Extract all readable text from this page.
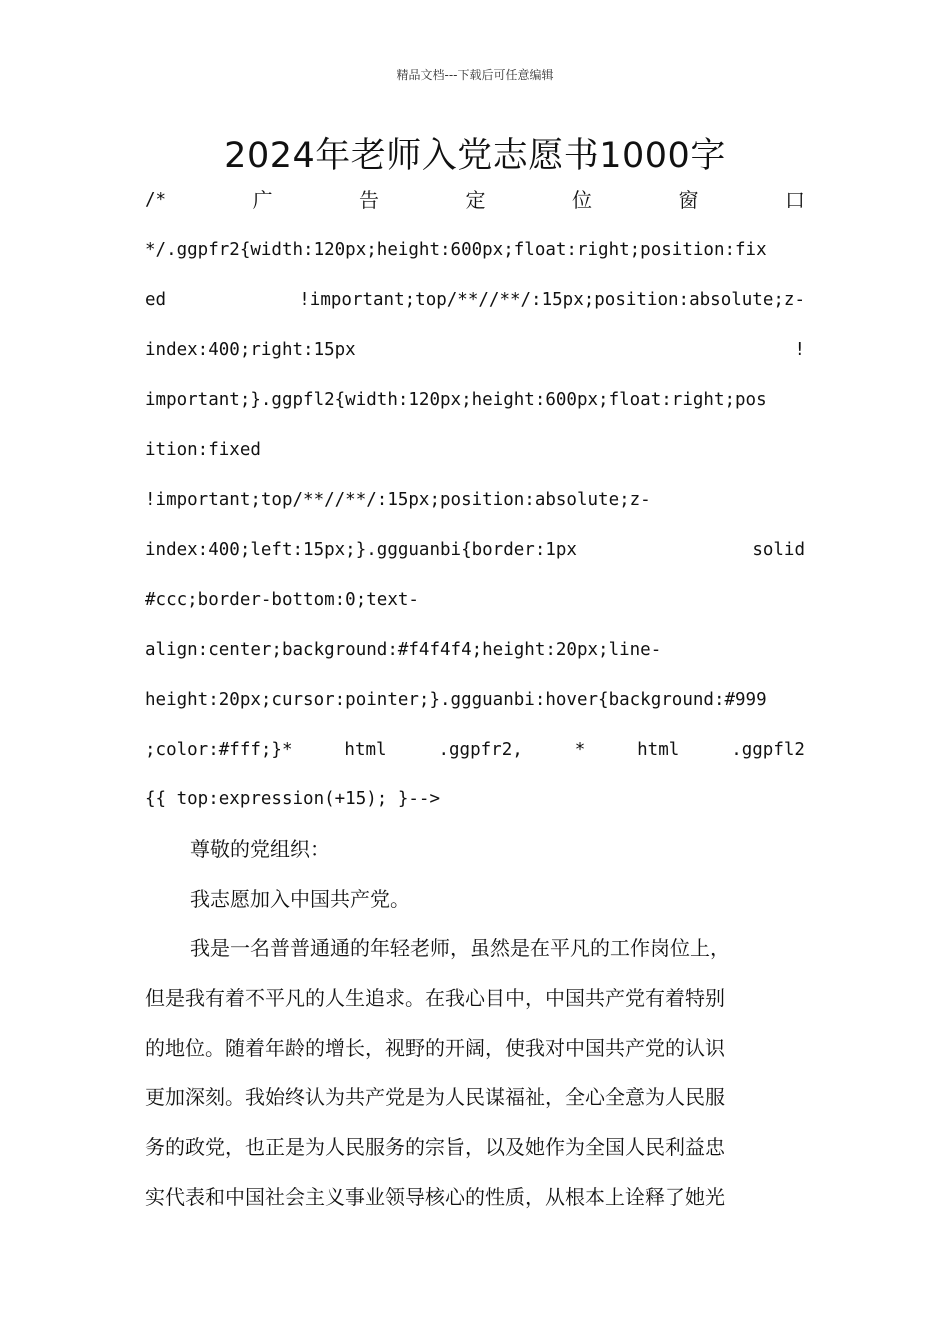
精品文档---下载后可任意编辑
2024年老师入党志愿书1000字
/*	广	告	定	位	窗	口
*/.ggpfr2{width:120px;height:600px;float:right;position:fix
ed	!important;top/**//**/:15px;position:absolute;z-
index:400;right:15px	!
important;}.ggpfl2{width:120px;height:600px;float:right;pos
ition:fixed
!important;top/**//**/:15px;position:absolute;z-
index:400;left:15px;}.ggguanbi{border:1px	solid
#ccc;border-bottom:0;text-
align:center;background:#f4f4f4;height:20px;line-
height:20px;cursor:pointer;}.ggguanbi:hover{background:#999
;color:#fff;}*	html	.ggpfr2,	*	html	.ggpfl2
{{ top:expression(+15); }-->
尊敬的党组织：
我志愿加入中国共产党。
我是一名普普通通的年轻老师，虽然是在平凡的工作岗位上，
但是我有着不平凡的人生追求。在我心目中，中国共产党有着特别
的地位。随着年龄的增长，视野的开阔，使我对中国共产党的认识
更加深刻。我始终认为共产党是为人民谋福祉，全心全意为人民服
务的政党，也正是为人民服务的宗旨，以及她作为全国人民利益忠
实代表和中国社会主义事业领导核心的性质，从根本上诠释了她光
